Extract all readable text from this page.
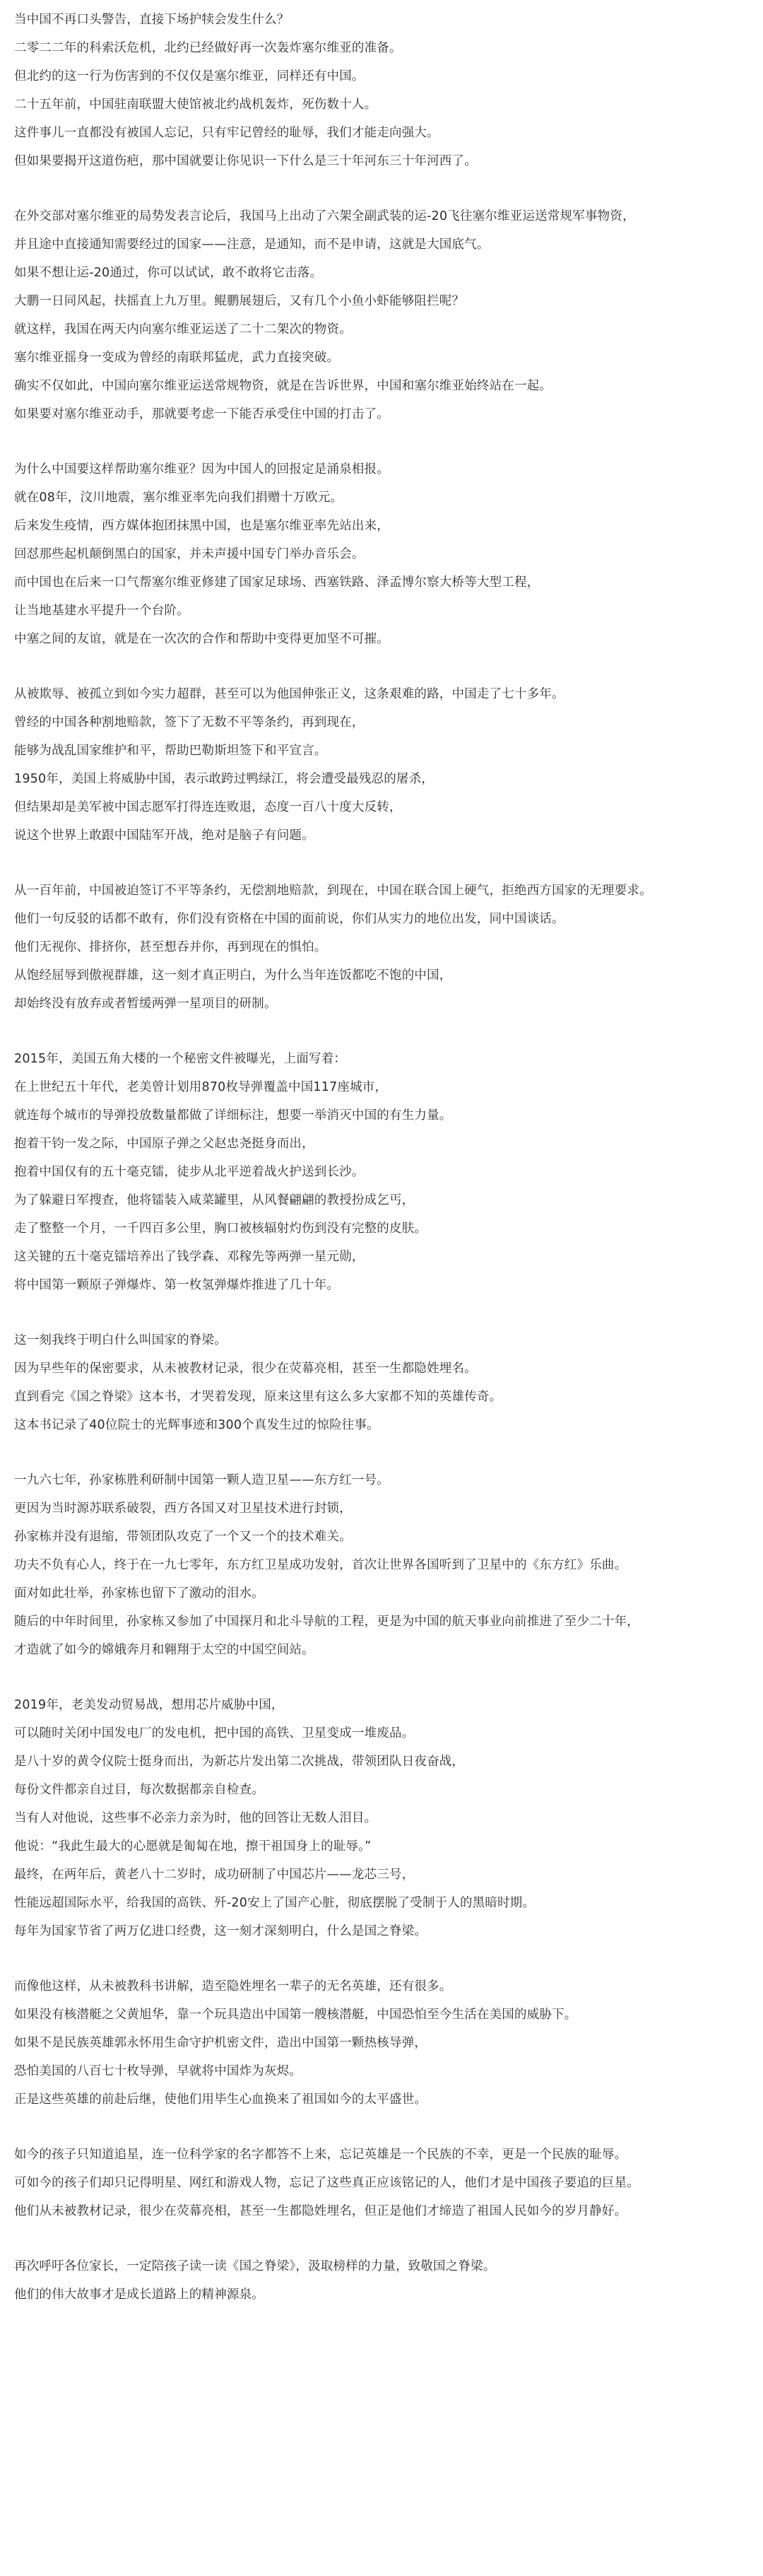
当中国不再口头警告，直接下场护犊会发生什么？
二零二二年的科索沃危机，北约已经做好再一次轰炸塞尔维亚的准备。
但北约的这一行为伤害到的不仅仅是塞尔维亚，同样还有中国。
二十五年前，中国驻南联盟大使馆被北约战机轰炸，死伤数十人。
这件事儿一直都没有被国人忘记，只有牢记曾经的耻辱，我们才能走向强大。
但如果要揭开这道伤疤，那中国就要让你见识一下什么是三十年河东三十年河西了。
在外交部对塞尔维亚的局势发表言论后，我国马上出动了六架全副武装的运-20飞往塞尔维亚运送常规军事物资，
并且途中直接通知需要经过的国家——注意，是通知，而不是申请，这就是大国底气。
如果不想让运-20通过，你可以试试，敢不敢将它击落。
大鹏一日同风起，扶摇直上九万里。鲲鹏展翅后，又有几个小鱼小虾能够阻拦呢？
就这样，我国在两天内向塞尔维亚运送了二十二架次的物资。
塞尔维亚摇身一变成为曾经的南联邦猛虎，武力直接突破。
确实不仅如此，中国向塞尔维亚运送常规物资，就是在告诉世界，中国和塞尔维亚始终站在一起。
如果要对塞尔维亚动手，那就要考虑一下能否承受住中国的打击了。
为什么中国要这样帮助塞尔维亚？因为中国人的回报定是涌泉相报。
就在08年，汶川地震，塞尔维亚率先向我们捐赠十万欧元。
后来发生疫情，西方媒体抱团抹黑中国，也是塞尔维亚率先站出来，
回怼那些起机颠倒黑白的国家，并未声援中国专门举办音乐会。
而中国也在后来一口气帮塞尔维亚修建了国家足球场、西塞铁路、泽孟博尔察大桥等大型工程，
让当地基建水平提升一个台阶。
中塞之间的友谊，就是在一次次的合作和帮助中变得更加坚不可摧。
从被欺辱、被孤立到如今实力超群，甚至可以为他国伸张正义，这条艰难的路，中国走了七十多年。
曾经的中国各种割地赔款，签下了无数不平等条约，再到现在，
能够为战乱国家维护和平，帮助巴勒斯坦签下和平宣言。
1950年，美国上将威胁中国，表示敢跨过鸭绿江，将会遭受最残忍的屠杀，
但结果却是美军被中国志愿军打得连连败退，态度一百八十度大反转，
说这个世界上敢跟中国陆军开战，绝对是脑子有问题。
从一百年前，中国被迫签订不平等条约，无偿割地赔款，到现在，中国在联合国上硬气，拒绝西方国家的无理要求。
他们一句反驳的话都不敢有，你们没有资格在中国的面前说，你们从实力的地位出发，同中国谈话。
他们无视你、排挤你，甚至想吞并你，再到现在的惧怕。
从饱经屈辱到傲视群雄，这一刻才真正明白，为什么当年连饭都吃不饱的中国，
却始终没有放弃或者暂缓两弹一星项目的研制。
2015年，美国五角大楼的一个秘密文件被曝光，上面写着：
在上世纪五十年代，老美曾计划用870枚导弹覆盖中国117座城市，
就连每个城市的导弹投放数量都做了详细标注，想要一举消灭中国的有生力量。
抱着干钧一发之际，中国原子弹之父赵忠尧挺身而出，
抱着中国仅有的五十毫克镭，徒步从北平逆着战火护送到长沙。
为了躲避日军搜查，他将镭装入咸菜罐里，从风餐翩翩的教授扮成乞丐，
走了整整一个月，一千四百多公里，胸口被核辐射灼伤到没有完整的皮肤。
这关键的五十毫克镭培养出了钱学森、邓稼先等两弹一星元勋，
将中国第一颗原子弹爆炸、第一枚氢弹爆炸推进了几十年。
这一刻我终于明白什么叫国家的脊梁。
因为早些年的保密要求，从未被教材记录，很少在荧幕亮相，甚至一生都隐姓埋名。
直到看完《国之脊梁》这本书，才哭着发现，原来这里有这么多大家都不知的英雄传奇。
这本书记录了40位院士的光辉事迹和300个真发生过的惊险往事。
一九六七年，孙家栋胜利研制中国第一颗人造卫星——东方红一号。
更因为当时源苏联系破裂，西方各国又对卫星技术进行封锁，
孙家栋并没有退缩，带领团队攻克了一个又一个的技术难关。
功夫不负有心人，终于在一九七零年，东方红卫星成功发射，首次让世界各国听到了卫星中的《东方红》乐曲。
面对如此壮举，孙家栋也留下了激动的泪水。
随后的中年时间里，孙家栋又参加了中国探月和北斗导航的工程，更是为中国的航天事业向前推进了至少二十年，
才造就了如今的嫦娥奔月和翱翔于太空的中国空间站。
2019年，老美发动贸易战，想用芯片威胁中国，
可以随时关闭中国发电厂的发电机，把中国的高铁、卫星变成一堆废品。
是八十岁的黄令仪院士挺身而出，为新芯片发出第二次挑战，带领团队日夜奋战，
每份文件都亲自过目，每次数据都亲自检查。
当有人对他说，这些事不必亲力亲为时，他的回答让无数人泪目。
他说：“我此生最大的心愿就是匍匐在地，擦干祖国身上的耻辱。”
最终，在两年后，黄老八十二岁时，成功研制了中国芯片——龙芯三号，
性能远超国际水平，给我国的高铁、歼-20安上了国产心脏，彻底摆脱了受制于人的黑暗时期。
每年为国家节省了两万亿进口经费，这一刻才深刻明白，什么是国之脊梁。
而像他这样，从未被教科书讲解，造至隐姓埋名一辈子的无名英雄，还有很多。
如果没有核潜艇之父黄旭华，靠一个玩具造出中国第一艘核潜艇，中国恐怕至今生活在美国的威胁下。
如果不是民族英雄郭永怀用生命守护机密文件，造出中国第一颗热核导弹，
恐怕美国的八百七十枚导弹，早就将中国炸为灰烬。
正是这些英雄的前赴后继，使他们用毕生心血换来了祖国如今的太平盛世。
如今的孩子只知道追星，连一位科学家的名字都答不上来，忘记英雄是一个民族的不幸，更是一个民族的耻辱。
可如今的孩子们却只记得明星、网红和游戏人物，忘记了这些真正应该铭记的人，他们才是中国孩子要追的巨星。
他们从未被教材记录，很少在荧幕亮相，甚至一生都隐姓埋名，但正是他们才缔造了祖国人民如今的岁月静好。
再次呼吁各位家长，一定陪孩子读一读《国之脊梁》，汲取榜样的力量，致敬国之脊梁。
他们的伟大故事才是成长道路上的精神源泉。
